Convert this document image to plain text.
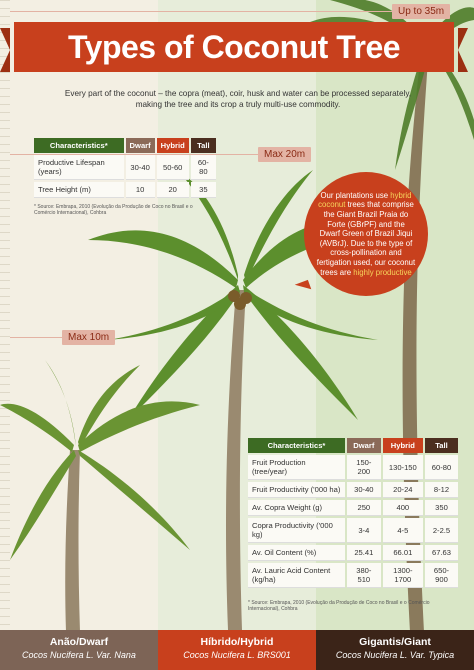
Up to 35m
Max 20m
Max 10m
Types of Coconut Tree

Every part of the coconut – the copra (meat), coir, husk and water can be processed separately, making the tree and its crop a truly multi-use commodity.

Characteristics*	Dwarf	Hybrid	Tall
Productive Lifespan (years)	30-40	50-60	60-80
Tree Height (m)	10	20	35

* Source: Embrapa, 2010 (Evolução da Produção de Coco no Brasil e o Comércio Internacional), Cohbra

Our plantations use hybrid coconut trees that comprise the Giant Brazil Praia do Forte (GBrPF) and the Dwarf Green of Brazil Jiqui (AVBrJ). Due to the type of cross-pollination and fertigation used, our coconut trees are highly productive

Characteristics*	Dwarf	Hybrid	Tall
Fruit Production (tree/year)	150-200	130-150	60-80
Fruit Productivity ('000 ha)	30-40	20-24	8-12
Av. Copra Weight (g)	250	400	350
Copra Productivity ('000 kg)	3-4	4-5	2-2.5
Av. Oil Content (%)	25.41	66.01	67.63
Av. Lauric Acid Content (kg/ha)	380-510	1300-1700	650-900

* Source: Embrapa, 2010 (Evolução da Produção de Coco no Brasil e o Comércio Internacional), Cohbra

Anão/Dwarf
Cocos Nucifera L. Var. Nana
Híbrido/Hybrid
Cocos Nucifera L. BRS001
Gigantis/Giant
Cocos Nucifera L. Var. Typica
